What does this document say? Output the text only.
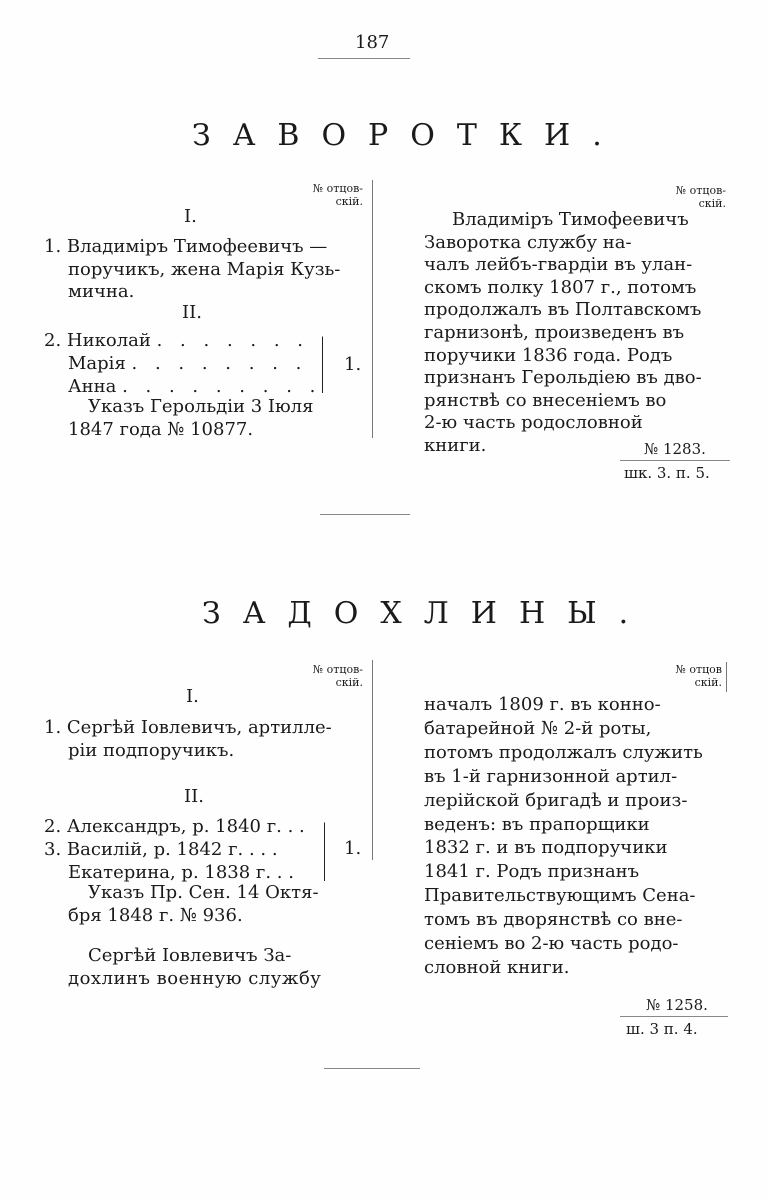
187
ЗАВОРОТКИ.
№ отцов-
скій.
№ отцов-
скій.
I.
1. Владиміръ Тимофеевичъ —
поручикъ, жена Марія Кузь-
мична.
II.
2. Николай . . . . . . .
Марія . . . . . . . .
Анна . . . . . . . . .
1.
Указъ Герольдіи 3 Іюля
1847 года № 10877.
Владиміръ Тимофеевичъ
Заворотка службу на-
чалъ лейбъ-гвардіи въ улан-
скомъ полку 1807 г., потомъ
продолжалъ въ Полтавскомъ
гарнизонѣ, произведенъ въ
поручики 1836 года. Родъ
признанъ Герольдіею въ дво-
рянствѣ со внесеніемъ во
2-ю часть родословной книги.	№ 1283.
шк. 3. п. 5.
ЗАДОХЛИНЫ.
№ отцов-
скій.
№ отцов
скій.
I.
1. Сергѣй Іовлевичъ, артилле-
ріи подпоручикъ.
II.
2. Александръ, р. 1840 г. . .
3. Василій, р. 1842 г. . . .
Екатерина, р. 1838 г. . .
1.
Указъ Пр. Сен. 14 Октя-
бря 1848 г. № 936.
Сергѣй Іовлевичъ За-
дохлинъ военную службу
началъ 1809 г. въ конно-
батарейной № 2-й роты,
потомъ продолжалъ служить
въ 1-й гарнизонной артил-
лерійской бригадѣ и произ-
веденъ: въ прапорщики
1832 г. и въ подпоручики
1841 г. Родъ признанъ
Правительствующимъ Сена-
томъ въ дворянствѣ со вне-
сеніемъ во 2-ю часть родо-
словной книги.
№ 1258.
ш. 3 п. 4.
